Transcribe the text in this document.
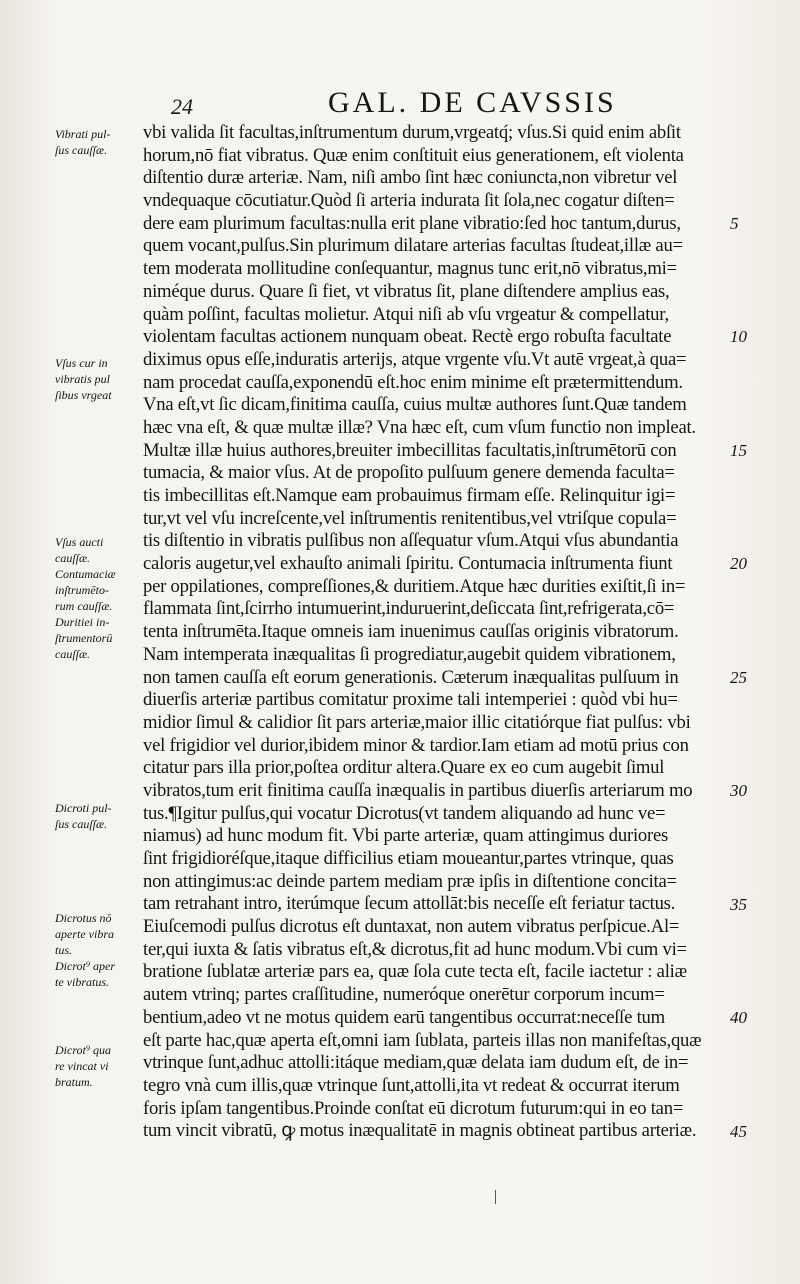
24	GAL. DE CAVSSIS
Vibrati pul-
ſus cauſſæ.
Vſus cur in
vibratis pul
ſibus vrgeat
Vſus aucti
cauſſæ.
Contumaciæ
inſtrumēto-
rum cauſſæ.
Duritiei in-
ſtrumentorū
cauſſæ.
Dicroti pul-
ſus cauſſæ.
Dicrotus nō
aperte vibra
tus.
Dicrot⁹ aper
te vibratus.
Dicrot⁹ qua
re vincat vi
bratum.
vbi valida ſit facultas,inſtrumentum durum,vrgeatq́; vſus.Si quid enim abſit
horum,nō fiat vibratus. Quæ enim conſtituit eius generationem, eſt violenta
diſtentio duræ arteriæ. Nam, niſi ambo ſint hæc coniuncta,non vibretur vel
vndequaque cōcutiatur.Quòd ſi arteria indurata ſit ſola,nec cogatur diſten=
dere eam plurimum facultas:nulla erit plane vibratio:ſed hoc tantum,durus,
quem vocant,pulſus.Sin plurimum dilatare arterias facultas ſtudeat,illæ au=
tem moderata mollitudine conſequantur, magnus tunc erit,nō vibratus,mi=
niméque durus. Quare ſi fiet, vt vibratus ſit, plane diſtendere amplius eas,
quàm poſſint, facultas molietur. Atqui niſi ab vſu vrgeatur & compellatur,
violentam facultas actionem nunquam obeat. Rectè ergo robuſta facultate
diximus opus eſſe,induratis arterijs, atque vrgente vſu.Vt autē vrgeat,à qua=
nam procedat cauſſa,exponendū eſt.hoc enim minime eſt prætermittendum.
Vna eſt,vt ſic dicam,finitima cauſſa, cuius multæ authores ſunt.Quæ tandem
hæc vna eſt, & quæ multæ illæ? Vna hæc eſt, cum vſum functio non impleat.
Multæ illæ huius authores,breuiter imbecillitas facultatis,inſtrumētorū con
tumacia, & maior vſus. At de propoſito pulſuum genere demenda faculta=
tis imbecillitas eſt.Namque eam probauimus firmam eſſe. Relinquitur igi=
tur,vt vel vſu increſcente,vel inſtrumentis renitentibus,vel vtriſque copula=
tis diſtentio in vibratis pulſibus non aſſequatur vſum.Atqui vſus abundantia
caloris augetur,vel exhauſto animali ſpiritu. Contumacia inſtrumenta fiunt
per oppilationes, compreſſiones,& duritiem.Atque hæc durities exiſtit,ſi in=
flammata ſint,ſcirrho intumuerint,induruerint,deſiccata ſint,refrigerata,cō=
tenta inſtrumēta.Itaque omneis iam inuenimus cauſſas originis vibratorum.
Nam intemperata inæqualitas ſi progrediatur,augebit quidem vibrationem,
non tamen cauſſa eſt eorum generationis. Cæterum inæqualitas pulſuum in
diuerſis arteriæ partibus comitatur proxime tali intemperiei : quòd vbi hu=
midior ſimul & calidior ſit pars arteriæ,maior illic citatiórque fiat pulſus: vbi
vel frigidior vel durior,ibidem minor & tardior.Iam etiam ad motū prius con
citatur pars illa prior,poſtea orditur altera.Quare ex eo cum augebit ſimul
vibratos,tum erit finitima cauſſa inæqualis in partibus diuerſis arteriarum mo
tus.¶Igitur pulſus,qui vocatur Dicrotus(vt tandem aliquando ad hunc ve=
niamus) ad hunc modum fit. Vbi parte arteriæ, quam attingimus duriores
ſint frigidioréſque,itaque difficilius etiam moueantur,partes vtrinque, quas
non attingimus:ac deinde partem mediam præ ipſis in diſtentione concita=
tam retrahant intro, iterúmque ſecum attollāt:bis neceſſe eſt feriatur tactus.
Eiuſcemodi pulſus dicrotus eſt duntaxat, non autem vibratus perſpicue.Al=
ter,qui iuxta & ſatis vibratus eſt,& dicrotus,fit ad hunc modum.Vbi cum vi=
bratione ſublatæ arteriæ pars ea, quæ ſola cute tecta eſt, facile iactetur : aliæ
autem vtrinq; partes craſſitudine, numeróque onerētur corporum incum=
bentium,adeo vt ne motus quidem earū tangentibus occurrat:neceſſe tum
eſt parte hac,quæ aperta eſt,omni iam ſublata, parteis illas non manifeſtas,quæ
vtrinque ſunt,adhuc attolli:itáque mediam,quæ delata iam dudum eſt, de in=
tegro vnà cum illis,quæ vtrinque ſunt,attolli,ita vt redeat & occurrat iterum
foris ipſam tangentibus.Proinde conſtat eū dicrotum futurum:qui in eo tan=
tum vincit vibratū, ꝙ motus inæqualitatē in magnis obtineat partibus arteriæ.
5
10
15
20
25
30
35
40
45
